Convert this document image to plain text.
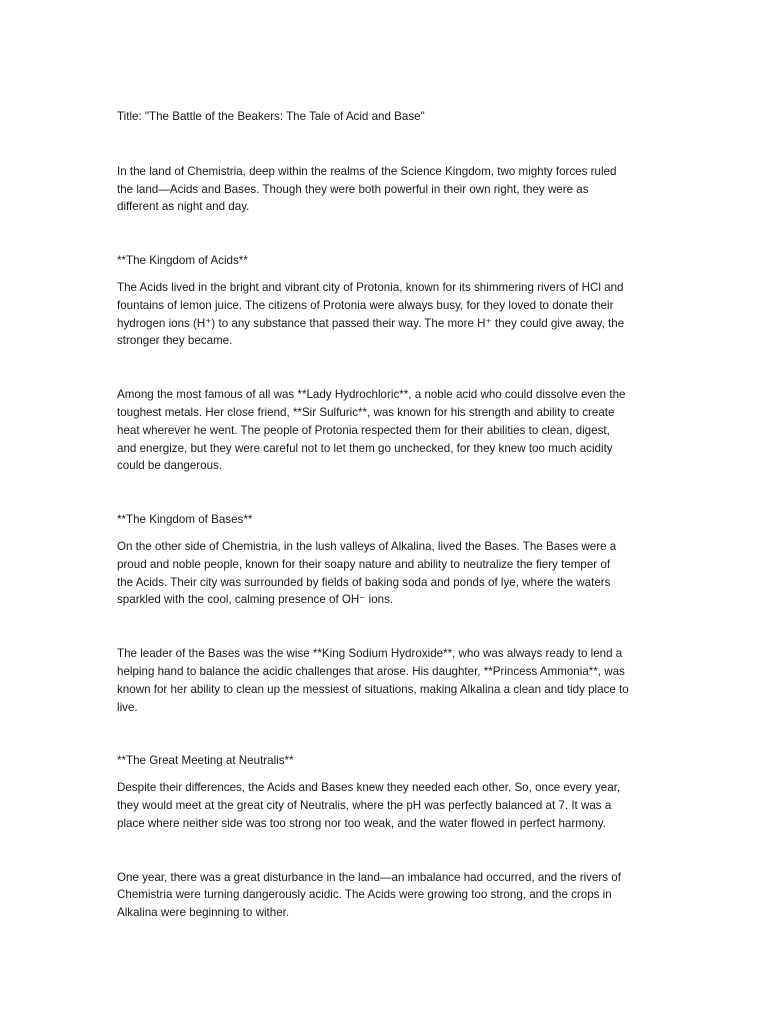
Title: "The Battle of the Beakers: The Tale of Acid and Base"

In the land of Chemistria, deep within the realms of the Science Kingdom, two mighty forces ruled
the land—Acids and Bases. Though they were both powerful in their own right, they were as
different as night and day.

**The Kingdom of Acids**

The Acids lived in the bright and vibrant city of Protonia, known for its shimmering rivers of HCl and
fountains of lemon juice. The citizens of Protonia were always busy, for they loved to donate their
hydrogen ions (H⁺) to any substance that passed their way. The more H⁺ they could give away, the
stronger they became.

Among the most famous of all was **Lady Hydrochloric**, a noble acid who could dissolve even the
toughest metals. Her close friend, **Sir Sulfuric**, was known for his strength and ability to create
heat wherever he went. The people of Protonia respected them for their abilities to clean, digest,
and energize, but they were careful not to let them go unchecked, for they knew too much acidity
could be dangerous.

**The Kingdom of Bases**

On the other side of Chemistria, in the lush valleys of Alkalina, lived the Bases. The Bases were a
proud and noble people, known for their soapy nature and ability to neutralize the fiery temper of
the Acids. Their city was surrounded by fields of baking soda and ponds of lye, where the waters
sparkled with the cool, calming presence of OH⁻ ions.

The leader of the Bases was the wise **King Sodium Hydroxide**, who was always ready to lend a
helping hand to balance the acidic challenges that arose. His daughter, **Princess Ammonia**, was
known for her ability to clean up the messiest of situations, making Alkalina a clean and tidy place to
live.

**The Great Meeting at Neutralis**

Despite their differences, the Acids and Bases knew they needed each other. So, once every year,
they would meet at the great city of Neutralis, where the pH was perfectly balanced at 7. It was a
place where neither side was too strong nor too weak, and the water flowed in perfect harmony.

One year, there was a great disturbance in the land—an imbalance had occurred, and the rivers of
Chemistria were turning dangerously acidic. The Acids were growing too strong, and the crops in
Alkalina were beginning to wither.
